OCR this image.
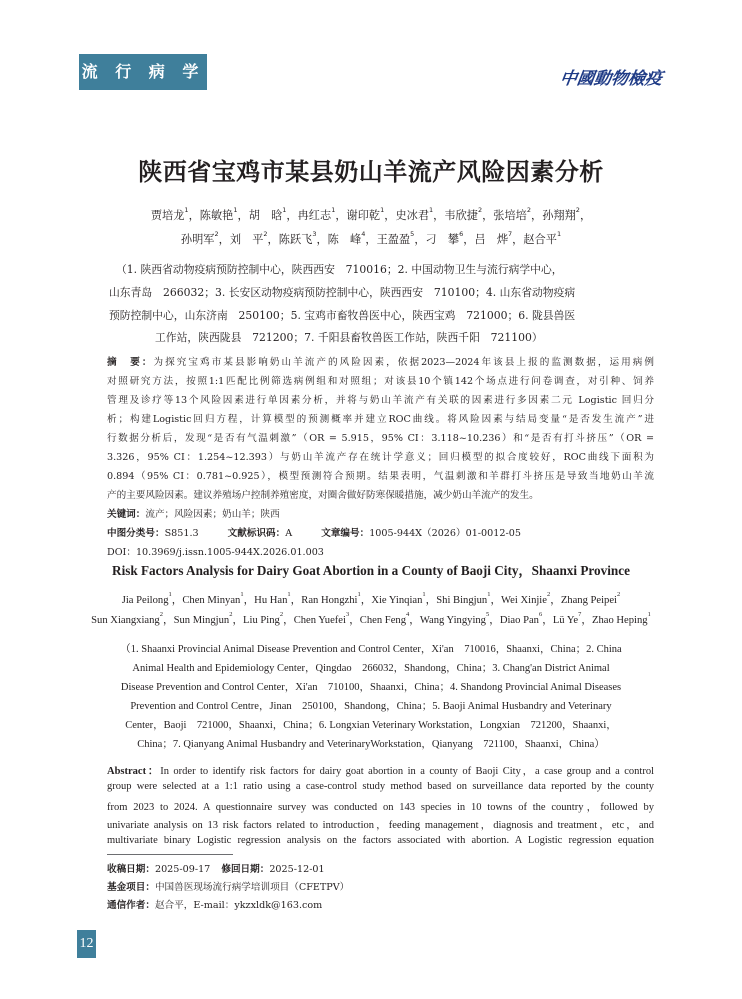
流 行 病 学	中國動物檢疫
陕西省宝鸡市某县奶山羊流产风险因素分析
贾培龙$^1$，陈敏艳$^1$，胡　晗$^1$，冉红志$^1$，谢印乾$^1$，史冰君$^1$，韦欣捷$^2$，张培培$^2$，孙翔翔$^2$，
孙明军$^2$，刘　平$^2$，陈跃飞$^3$，陈　峰$^4$，王盈盈$^5$，刁　攀$^6$，吕　烨$^7$，赵合平$^1$
（1. 陕西省动物疫病预防控制中心，陕西西安　710016；2. 中国动物卫生与流行病学中心，
山东青岛　266032；3. 长安区动物疫病预防控制中心，陕西西安　710100；4. 山东省动物疫病
预防控制中心，山东济南　250100；5. 宝鸡市畜牧兽医中心，陕西宝鸡　721000；6. 陇县兽医
工作站，陕西陇县　721200；7. 千阳县畜牧兽医工作站，陕西千阳　721100）
摘　要：为探究宝鸡市某县影响奶山羊流产的风险因素，依据2023—2024年该县上报的监测数据，运用病例
对照研究方法，按照1:1匹配比例筛选病例组和对照组；对该县10个镇142个场点进行问卷调查，对引种、饲养
管理及诊疗等13个风险因素进行单因素分析，并将与奶山羊流产有关联的因素进行多因素二元 Logistic 回归分
析；构建Logistic回归方程，计算模型的预测概率并建立ROC曲线。将风险因素与结局变量“是否发生流产”进
行数据分析后，发现“是否有气温刺激”（OR = 5.915，95% CI：3.118~10.236）和“是否有打斗挤压”（OR =
3.326，95% CI：1.254~12.393）与奶山羊流产存在统计学意义；回归模型的拟合度较好，ROC曲线下面积为
0.894（95% CI：0.781~0.925），模型预测符合预期。结果表明，气温刺激和羊群打斗挤压是导致当地奶山羊流
产的主要风险因素。建议养殖场户控制养殖密度，对圈舍做好防寒保暖措施，减少奶山羊流产的发生。
关键词：流产；风险因素；奶山羊；陕西
中图分类号：S851.3	文献标识码：A	文章编号：1005-944X（2026）01-0012-05
DOI：10.3969/j.issn.1005-944X.2026.01.003
Risk Factors Analysis for Dairy Goat Abortion in a County of Baoji City，Shaanxi Province
Jia Peilong$^1$，Chen Minyan$^1$，Hu Han$^1$，Ran Hongzhi$^1$，Xie Yinqian$^1$，Shi Bingjun$^1$，Wei Xinjie$^2$，Zhang Peipei$^2$
Sun Xiangxiang$^2$，Sun Mingjun$^2$，Liu Ping$^2$，Chen Yuefei$^3$，Chen Feng$^4$，Wang Yingying$^5$，Diao Pan$^6$，Lü Ye$^7$，Zhao Heping$^1$
（1. Shaanxi Provincial Animal Disease Prevention and Control Center，Xi'an　710016，Shaanxi，China；2. China
Animal Health and Epidemiology Center，Qingdao　266032，Shandong，China；3. Chang'an District Animal
Disease Prevention and Control Center，Xi'an　710100，Shaanxi，China；4. Shandong Provincial Animal Diseases
Prevention and Control Centre，Jinan　250100，Shandong，China；5. Baoji Animal Husbandry and Veterinary
Center，Baoji　721000，Shaanxi，China；6. Longxian Veterinary Workstation，Longxian　721200，Shaanxi，
China；7. Qianyang Animal Husbandry and VeterinaryWorkstation，Qianyang　721100，Shaanxi，China）
Abstract：In order to identify risk factors for dairy goat abortion in a county of Baoji City，a case group and a control
group were selected at a 1:1 ratio using a case-control study method based on surveillance data reported by the county
from 2023 to 2024. A questionnaire survey was conducted on 143 species in 10 towns of the country，followed by
univariate analysis on 13 risk factors related to introduction，feeding management，diagnosis and treatment，etc，and
multivariate binary Logistic regression analysis on the factors associated with abortion. A Logistic regression equation
收稿日期：2025-09-17 修回日期：2025-12-01
基金项目：中国兽医现场流行病学培训项目（CFETPV）
通信作者：赵合平，E-mail：ykzxldk@163.com
12
